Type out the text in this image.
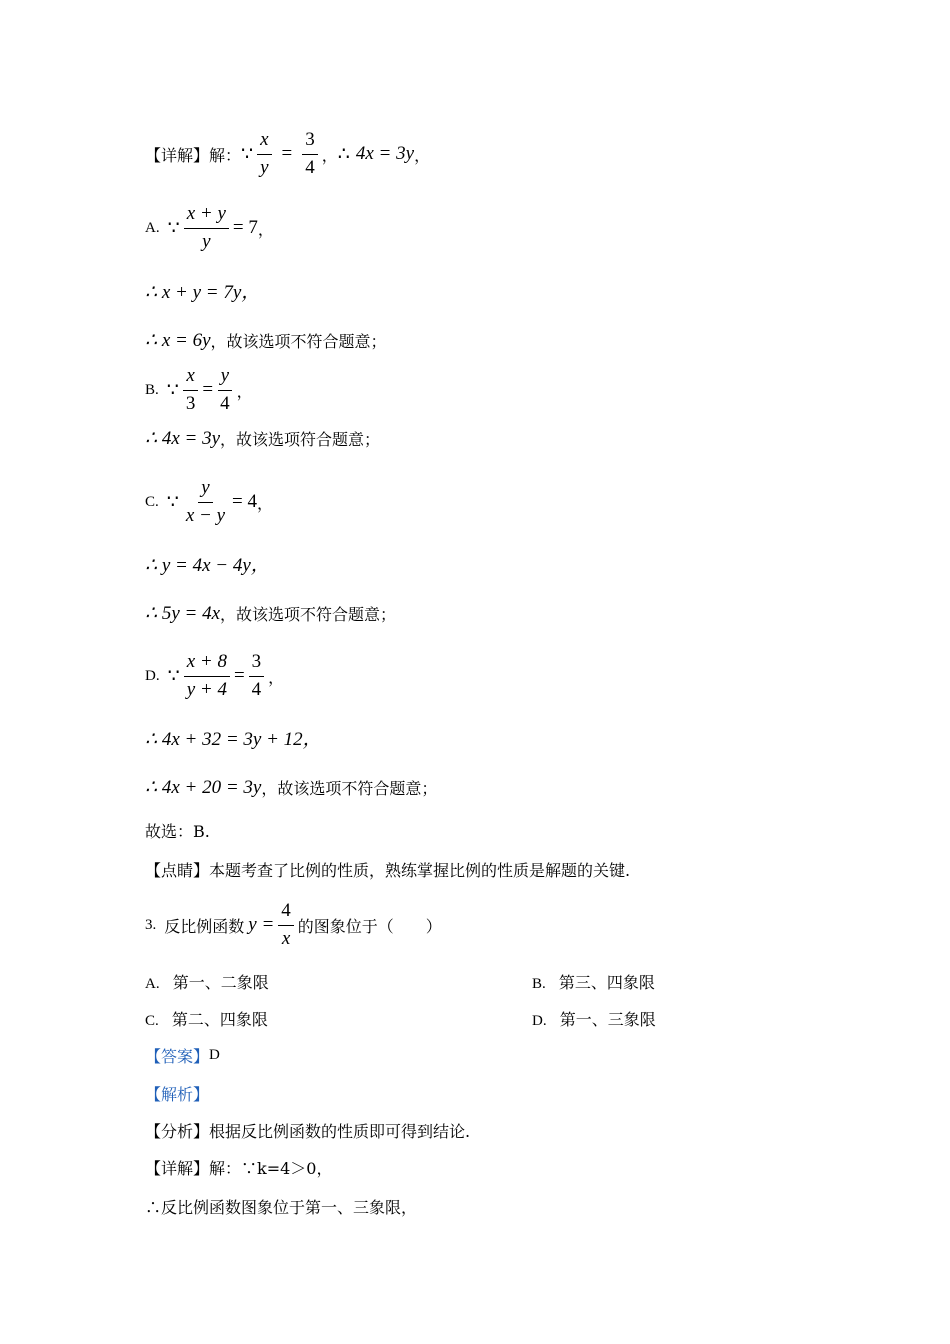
【详解】解： ∵ $\frac{x}{y} = \frac{3}{4}$ ， ∴ 4x = 3y ，
A. ∵ $\frac{x + y}{y} = 7$ ，
∴ x + y = 7y，
∴ x = 6y ，故该选项不符合题意；
B. ∵ $\frac{x}{3} = \frac{y}{4}$ ，
∴ 4x = 3y ，故该选项符合题意；
C. ∵ $\frac{y}{x - y} = 4$ ，
∴ y = 4x − 4y，
∴ 5y = 4x ，故该选项不符合题意；
D. ∵ $\frac{x + 8}{y + 4} = \frac{3}{4}$ ，
∴ 4x + 32 = 3y + 12，
∴ 4x + 20 = 3y ，故该选项不符合题意；
故选：B.
【点睛】本题考查了比例的性质，熟练掌握比例的性质是解题的关键.
3. 反比例函数 $y = \frac{4}{x}$ 的图象位于（　　）
A. 第一、二象限	B. 第三、四象限
C. 第二、四象限	D. 第一、三象限
【答案】 D
【解析】
【分析】根据反比例函数的性质即可得到结论.
【详解】解：∵k=4＞0，
∴反比例函数图象位于第一、三象限，
